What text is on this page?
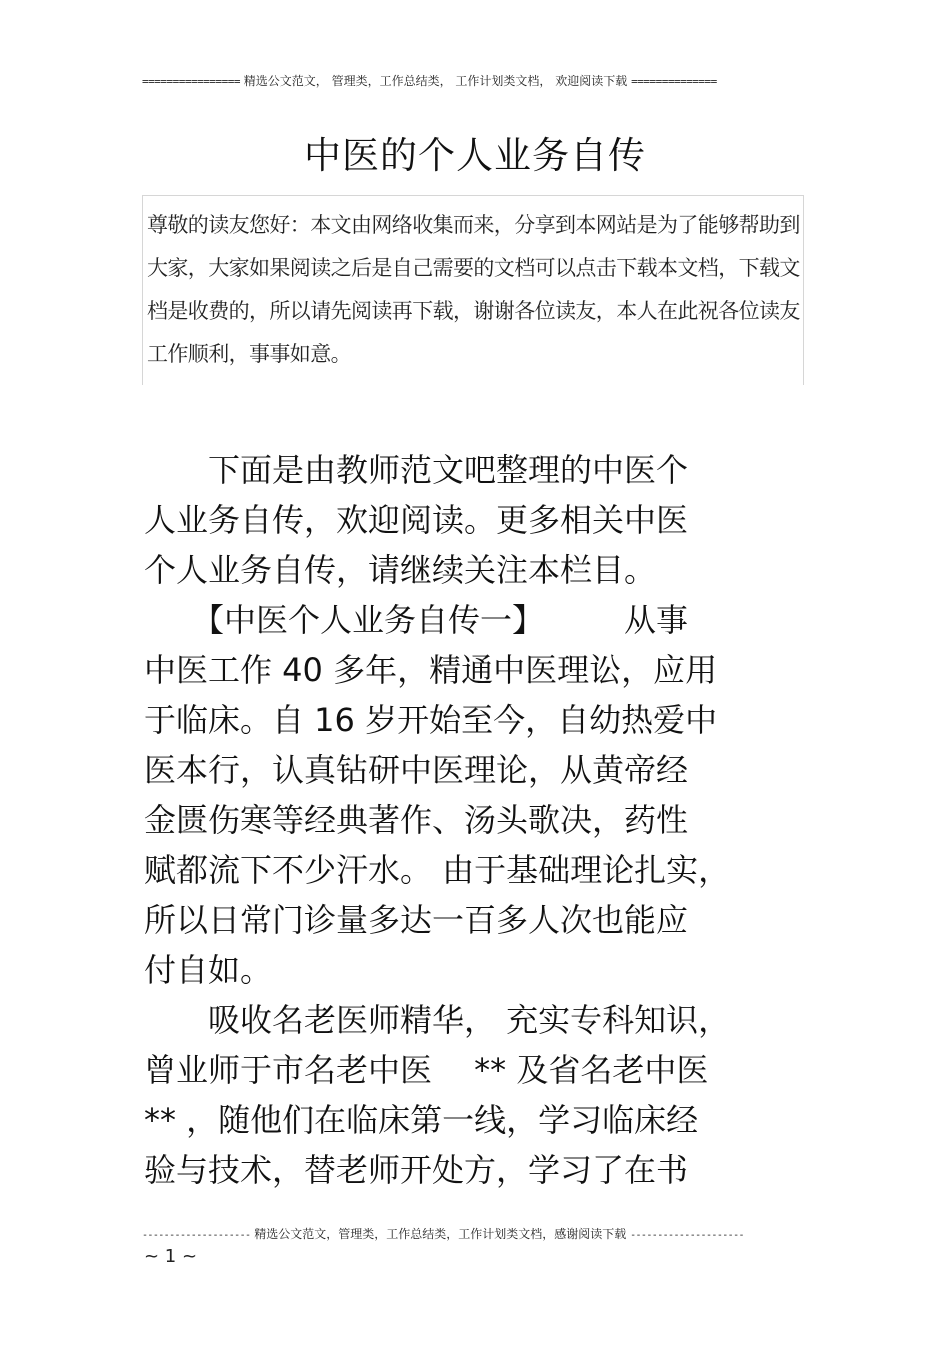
================ 精选公文范文， 管理类，工作总结类， 工作计划类文档， 欢迎阅读下载 ==============
中医的个人业务自传
尊敬的读友您好：本文由网络收集而来，分享到本网站是为了能够帮助到大家，大家如果阅读之后是自己需要的文档可以点击下载本文档，下载文档是收费的，所以请先阅读再下载，谢谢各位读友，本人在此祝各位读友工作顺利，事事如意。
　　下面是由教师范文吧整理的中医个
人业务自传，欢迎阅读。更多相关中医
个人业务自传，请继续关注本栏目。
　　【中医个人业务自传一】　　　从事
中医工作 40 多年，精通中医理讼，应用
于临床。自 16 岁开始至今，自幼热爱中
医本行，认真钻研中医理论，从黄帝经
金匮伤寒等经典著作、汤头歌决，药性
赋都流下不少汗水。 由于基础理论扎实，
所以日常门诊量多达一百多人次也能应
付自如。
　　吸收名老医师精华， 充实专科知识，
曾业师于市名老中医　 ** 及省名老中医
** ，随他们在临床第一线，学习临床经
验与技术，替老师开处方，学习了在书
-------------------- 精选公文范文，管理类，工作总结类，工作计划类文档，感谢阅读下载 ---------------------
~ 1 ~
